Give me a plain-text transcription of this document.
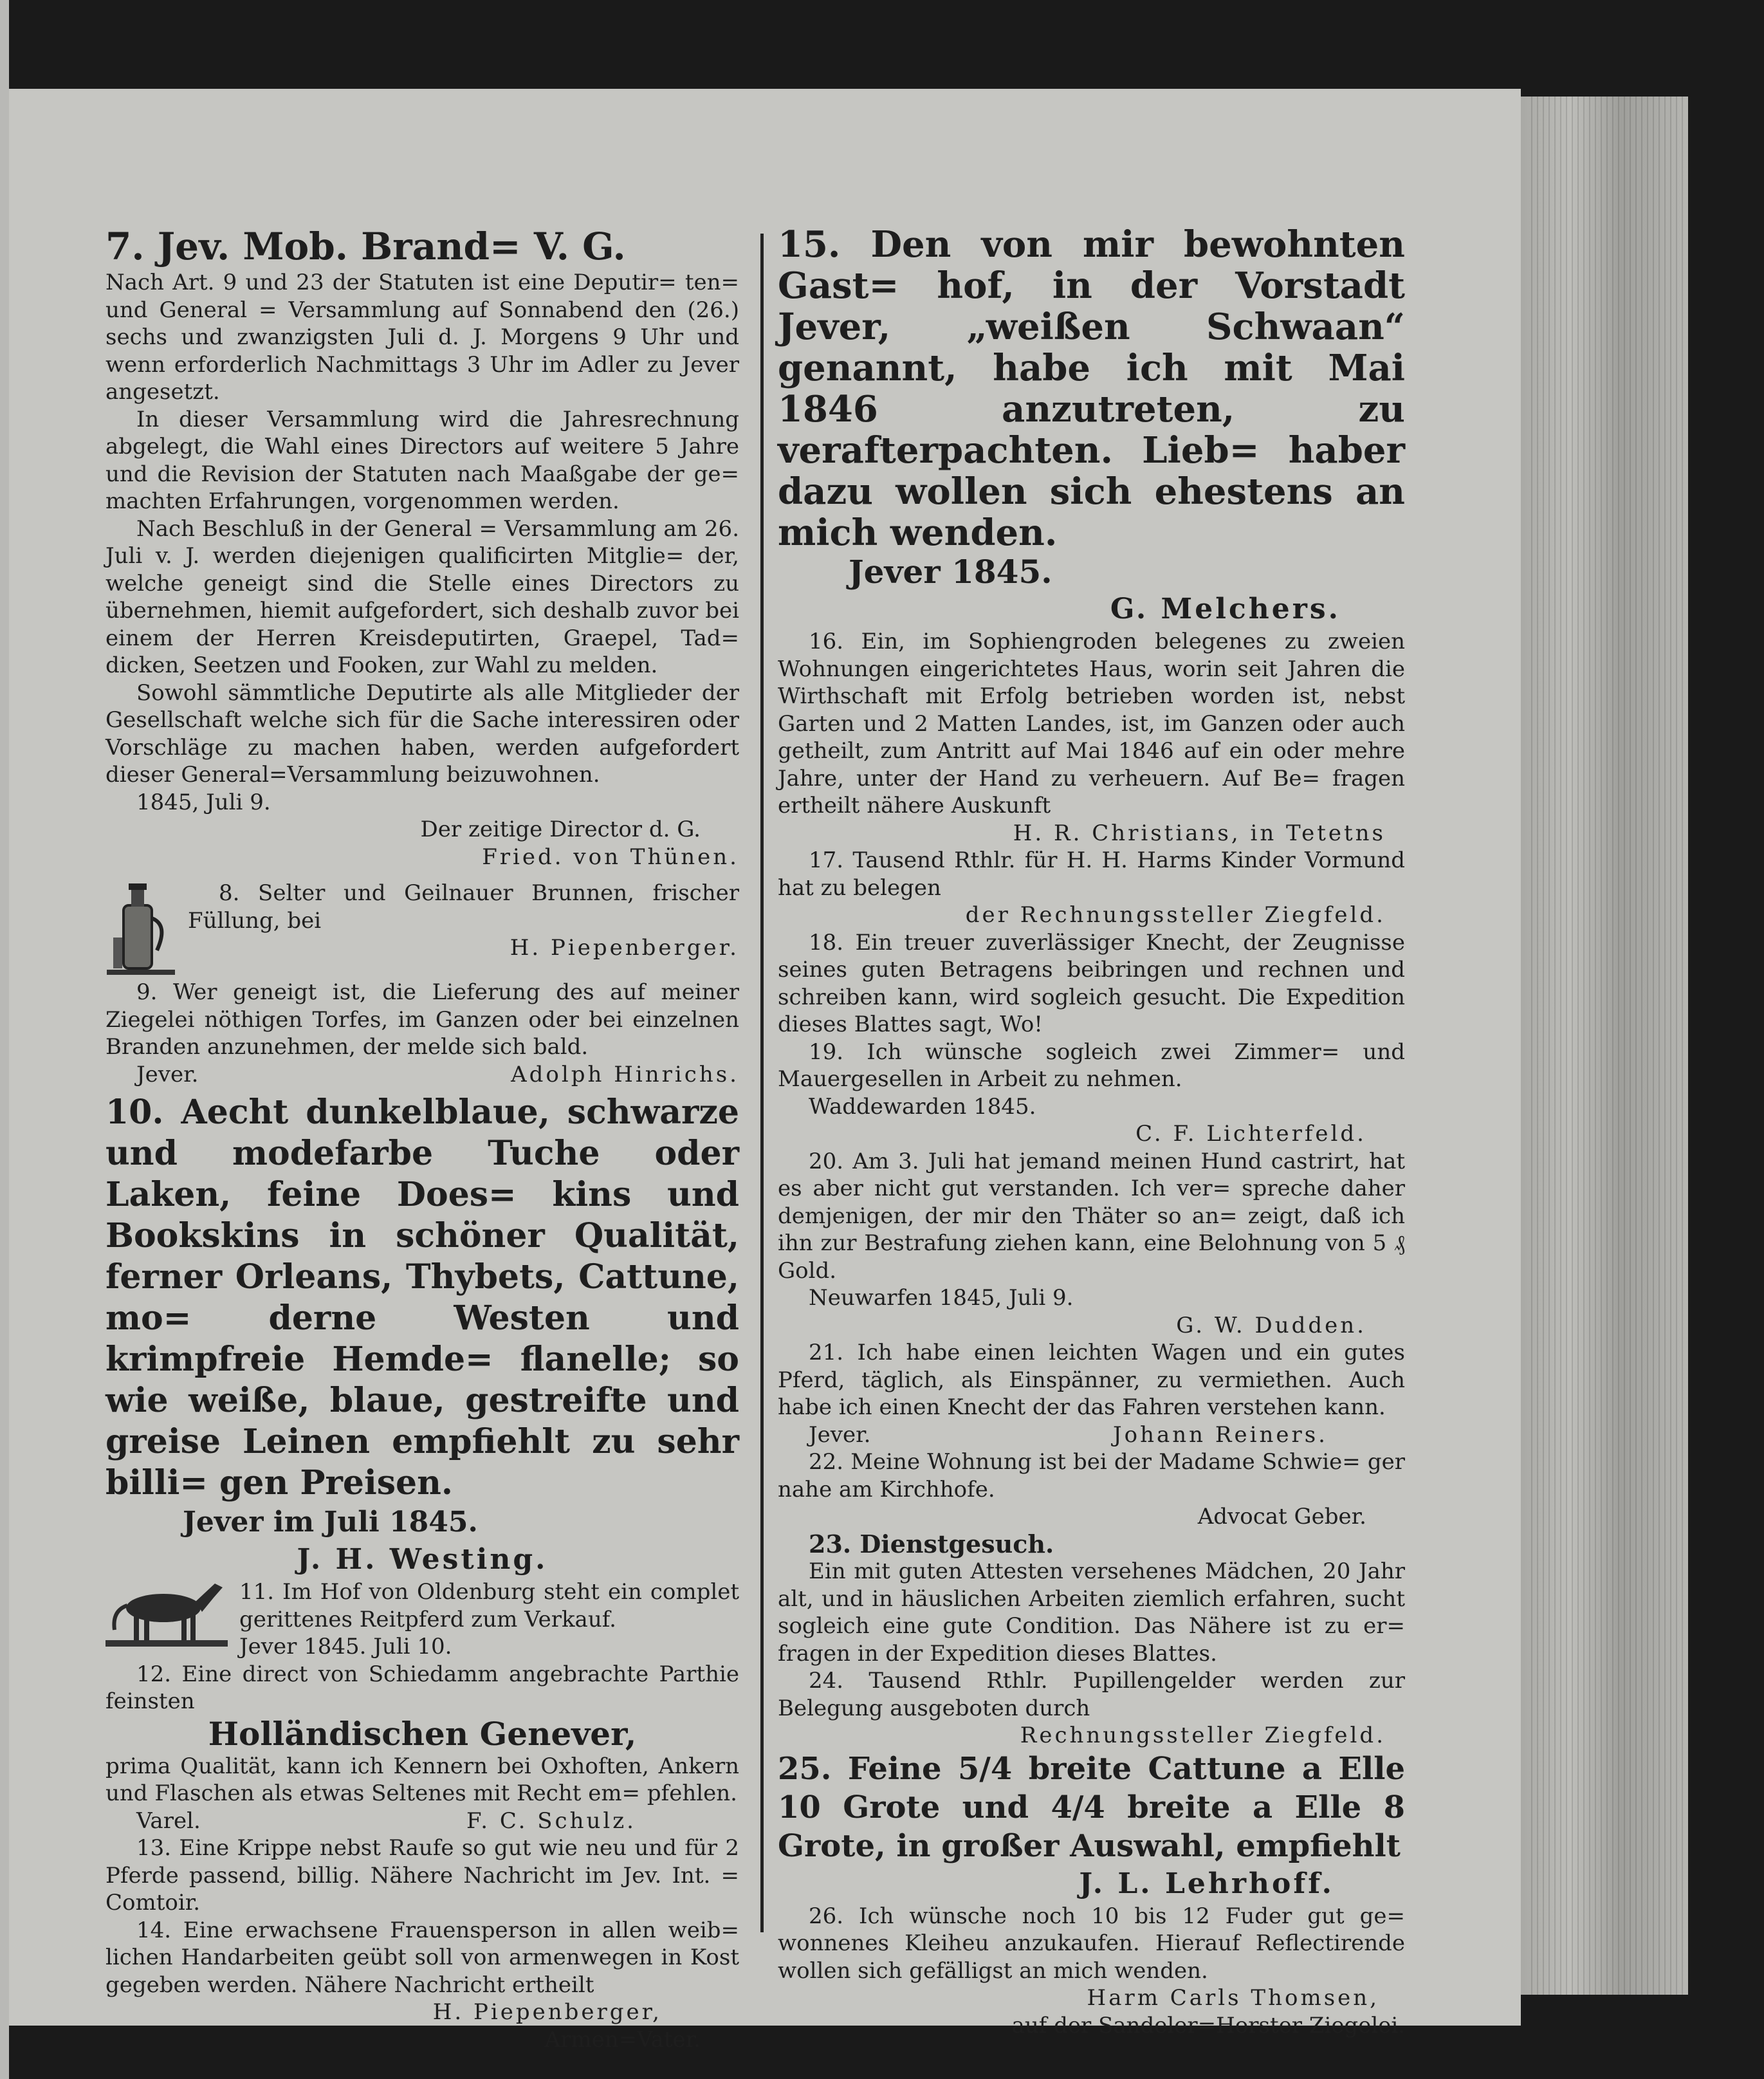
7. Jev. Mob. Brand= V. G.

Nach Art. 9 und 23 der Statuten ist eine Deputir= ten= und General = Versammlung auf Sonnabend den (26.) sechs und zwanzigsten Juli d. J. Morgens 9 Uhr und wenn erforderlich Nachmittags 3 Uhr im Adler zu Jever angesetzt.

In dieser Versammlung wird die Jahresrechnung abgelegt, die Wahl eines Directors auf weitere 5 Jahre und die Revision der Statuten nach Maaßgabe der ge= machten Erfahrungen, vorgenommen werden.

Nach Beschluß in der General = Versammlung am 26. Juli v. J. werden diejenigen qualificirten Mitglie= der, welche geneigt sind die Stelle eines Directors zu übernehmen, hiemit aufgefordert, sich deshalb zuvor bei einem der Herren Kreisdeputirten, Graepel, Tad= dicken, Seetzen und Fooken, zur Wahl zu melden.

Sowohl sämmtliche Deputirte als alle Mitglieder der Gesellschaft welche sich für die Sache interessiren oder Vorschläge zu machen haben, werden aufgefordert dieser General=Versammlung beizuwohnen.

1845, Juli 9.

Der zeitige Director d. G.

Fried. von Thünen.

8. Selter und Geilnauer Brunnen, frischer Füllung, bei

H. Piepenberger.

9. Wer geneigt ist, die Lieferung des auf meiner Ziegelei nöthigen Torfes, im Ganzen oder bei einzelnen Branden anzunehmen, der melde sich bald.

Jever.	Adolph Hinrichs.

10. Aecht dunkelblaue, schwarze und modefarbe Tuche oder Laken, feine Does= kins und Bookskins in schöner Qualität, ferner Orleans, Thybets, Cattune, mo= derne Westen und krimpfreie Hemde= flanelle; so wie weiße, blaue, gestreifte und greise Leinen empfiehlt zu sehr billi= gen Preisen.

Jever im Juli 1845.

J. H. Westing.

11. Im Hof von Oldenburg steht ein complet gerittenes Reitpferd zum Verkauf.

Jever 1845. Juli 10.

12. Eine direct von Schiedamm angebrachte Parthie feinsten

Holländischen Genever,

prima Qualität, kann ich Kennern bei Oxhoften, Ankern und Flaschen als etwas Seltenes mit Recht em= pfehlen.

Varel.	F. C. Schulz.

13. Eine Krippe nebst Raufe so gut wie neu und für 2 Pferde passend, billig. Nähere Nachricht im Jev. Int. = Comtoir.

14. Eine erwachsene Frauensperson in allen weib= lichen Handarbeiten geübt soll von armenwegen in Kost gegeben werden. Nähere Nachricht ertheilt

H. Piepenberger,

Armen=Vater.

15. Den von mir bewohnten Gast= hof, in der Vorstadt Jever, „weißen Schwaan“ genannt, habe ich mit Mai 1846 anzutreten, zu verafterpachten. Lieb= haber dazu wollen sich ehestens an mich wenden.

Jever 1845.

G. Melchers.

16. Ein, im Sophiengroden belegenes zu zweien Wohnungen eingerichtetes Haus, worin seit Jahren die Wirthschaft mit Erfolg betrieben worden ist, nebst Garten und 2 Matten Landes, ist, im Ganzen oder auch getheilt, zum Antritt auf Mai 1846 auf ein oder mehre Jahre, unter der Hand zu verheuern. Auf Be= fragen ertheilt nähere Auskunft

H. R. Christians, in Tetetns

17. Tausend Rthlr. für H. H. Harms Kinder Vormund hat zu belegen

der Rechnungssteller Ziegfeld.

18. Ein treuer zuverlässiger Knecht, der Zeugnisse seines guten Betragens beibringen und rechnen und schreiben kann, wird sogleich gesucht. Die Expedition dieses Blattes sagt, Wo!

19. Ich wünsche sogleich zwei Zimmer= und Mauergesellen in Arbeit zu nehmen.

Waddewarden 1845.

C. F. Lichterfeld.

20. Am 3. Juli hat jemand meinen Hund castrirt, hat es aber nicht gut verstanden. Ich ver= spreche daher demjenigen, der mir den Thäter so an= zeigt, daß ich ihn zur Bestrafung ziehen kann, eine Belohnung von 5 ₰ Gold.

Neuwarfen 1845, Juli 9.

G. W. Dudden.

21. Ich habe einen leichten Wagen und ein gutes Pferd, täglich, als Einspänner, zu vermiethen. Auch habe ich einen Knecht der das Fahren verstehen kann.

Jever.	Johann Reiners.

22. Meine Wohnung ist bei der Madame Schwie= ger nahe am Kirchhofe.

Advocat Geber.

23. Dienstgesuch.

Ein mit guten Attesten versehenes Mädchen, 20 Jahr alt, und in häuslichen Arbeiten ziemlich erfahren, sucht sogleich eine gute Condition. Das Nähere ist zu er= fragen in der Expedition dieses Blattes.

24. Tausend Rthlr. Pupillengelder werden zur Belegung ausgeboten durch

Rechnungssteller Ziegfeld.

25. Feine 5/4 breite Cattune a Elle 10 Grote und 4/4 breite a Elle 8 Grote, in großer Auswahl, empfiehlt

J. L. Lehrhoff.

26. Ich wünsche noch 10 bis 12 Fuder gut ge= wonnenes Kleiheu anzukaufen. Hierauf Reflectirende wollen sich gefälligst an mich wenden.

Harm Carls Thomsen,

auf der Sandeler=Horster Ziegelei.
